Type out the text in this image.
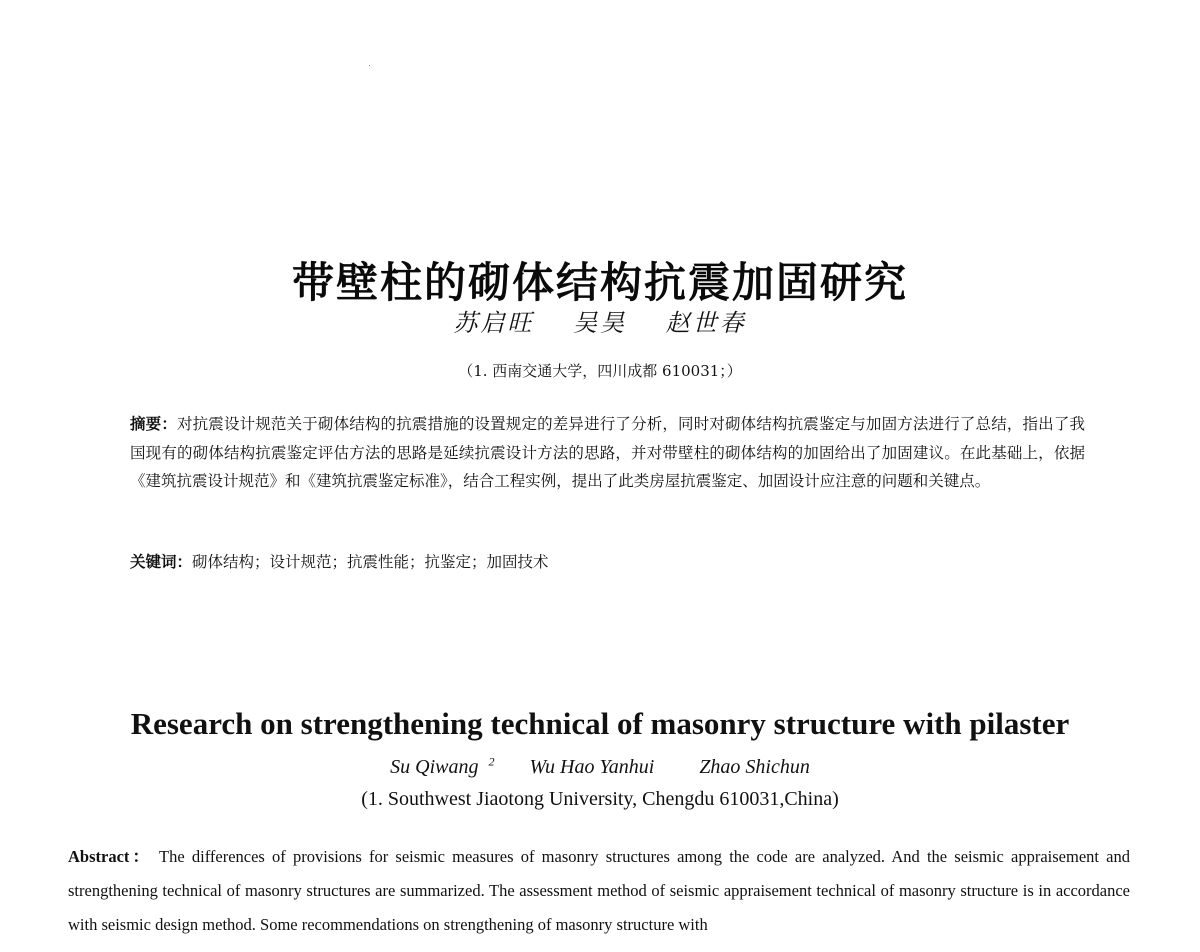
带壁柱的砌体结构抗震加固研究
苏启旺 吴昊 赵世春
（1. 西南交通大学，四川成都 610031；）
摘要：对抗震设计规范关于砌体结构的抗震措施的设置规定的差异进行了分析，同时对砌体结构抗震鉴定与加固方法进行了总结，指出了我国现有的砌体结构抗震鉴定评估方法的思路是延续抗震设计方法的思路，并对带壁柱的砌体结构的加固给出了加固建议。在此基础上，依据《建筑抗震设计规范》和《建筑抗震鉴定标准》，结合工程实例，提出了此类房屋抗震鉴定、加固设计应注意的问题和关键点。
关键词：砌体结构；设计规范；抗震性能；抗鉴定；加固技术
Research on strengthening technical of masonry structure with pilaster
Su Qiwang $^2$ Wu Hao Yanhui Zhao Shichun
(1. Southwest Jiaotong University, Chengdu 610031,China)
Abstract： The differences of provisions for seismic measures of masonry structures among the code are analyzed. And the seismic appraisement and strengthening technical of masonry structures are summarized. The assessment method of seismic appraisement technical of masonry structure is in accordance with seismic design method. Some recommendations on strengthening of masonry structure with
